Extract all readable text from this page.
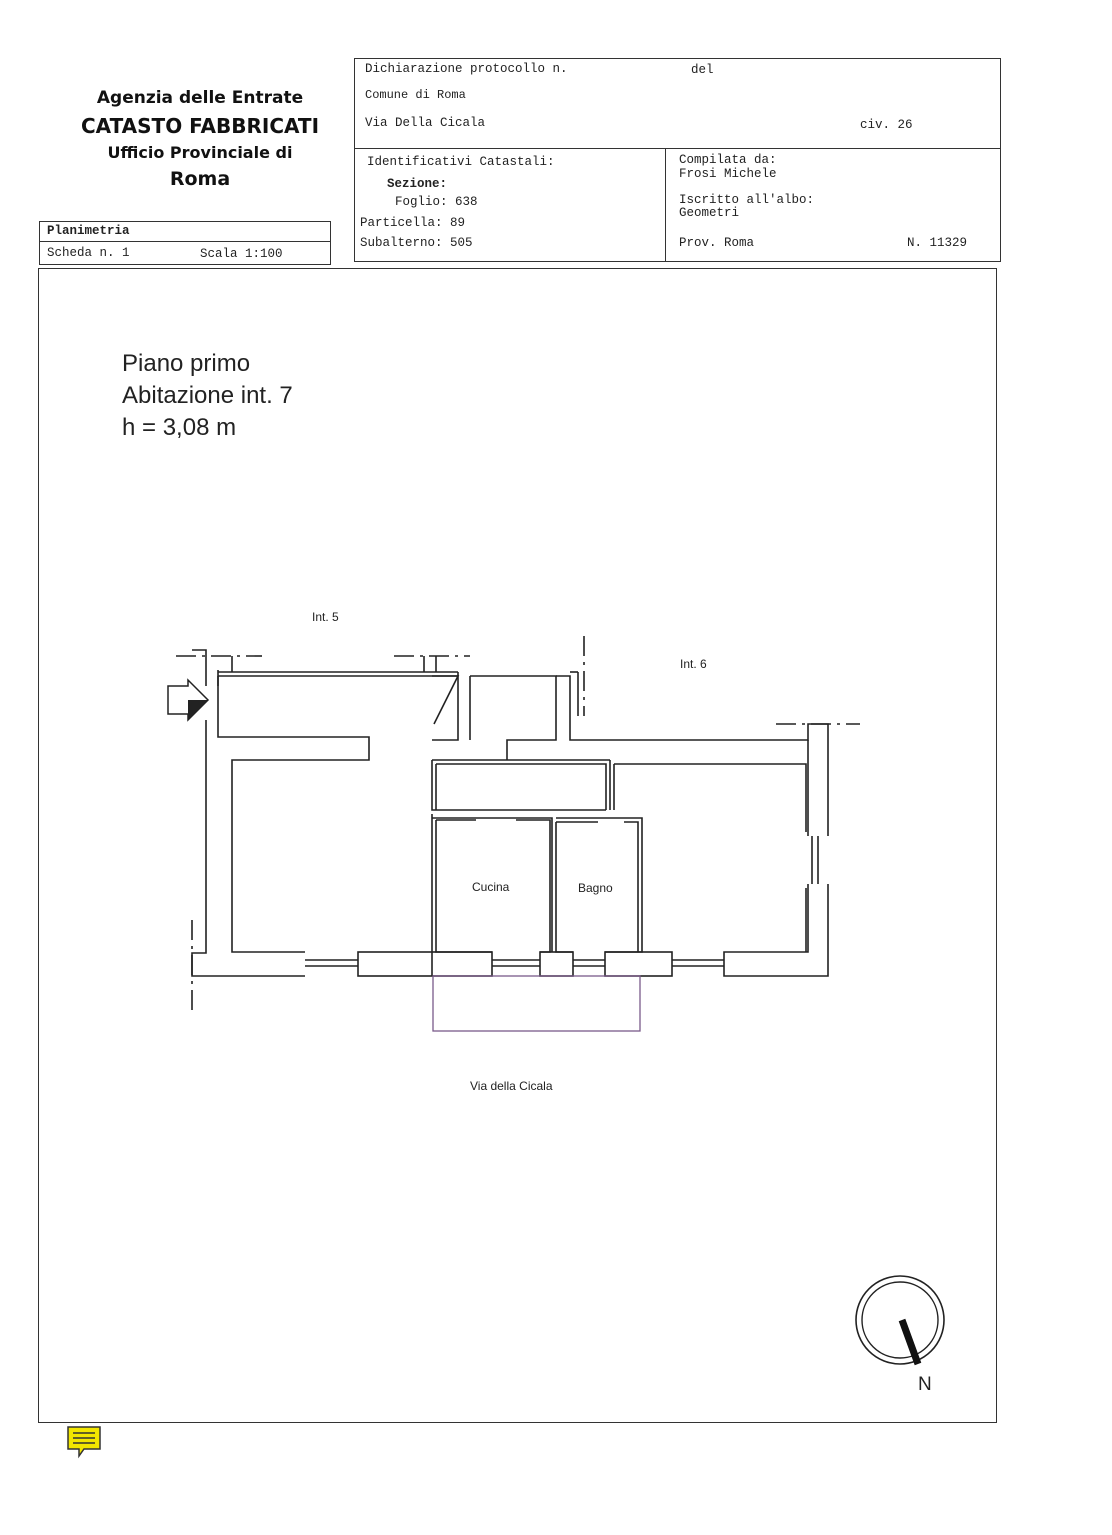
Agenzia delle Entrate
CATASTO FABBRICATI
Ufficio Provinciale di
Roma
Planimetria
Scheda n. 1	Scala 1:100
Dichiarazione protocollo n.	del
Comune di Roma
Via Della Cicala	civ. 26
Identificativi Catastali:
Sezione:
Foglio: 638
Particella: 89
Subalterno: 505
Compilata da:
Frosi Michele
Iscritto all'albo:
Geometri
Prov. Roma	N. 11329
Piano primo
Abitazione int. 7
h = 3,08 m
Int. 5
Int. 6
Cucina	Bagno
Via della Cicala
N
